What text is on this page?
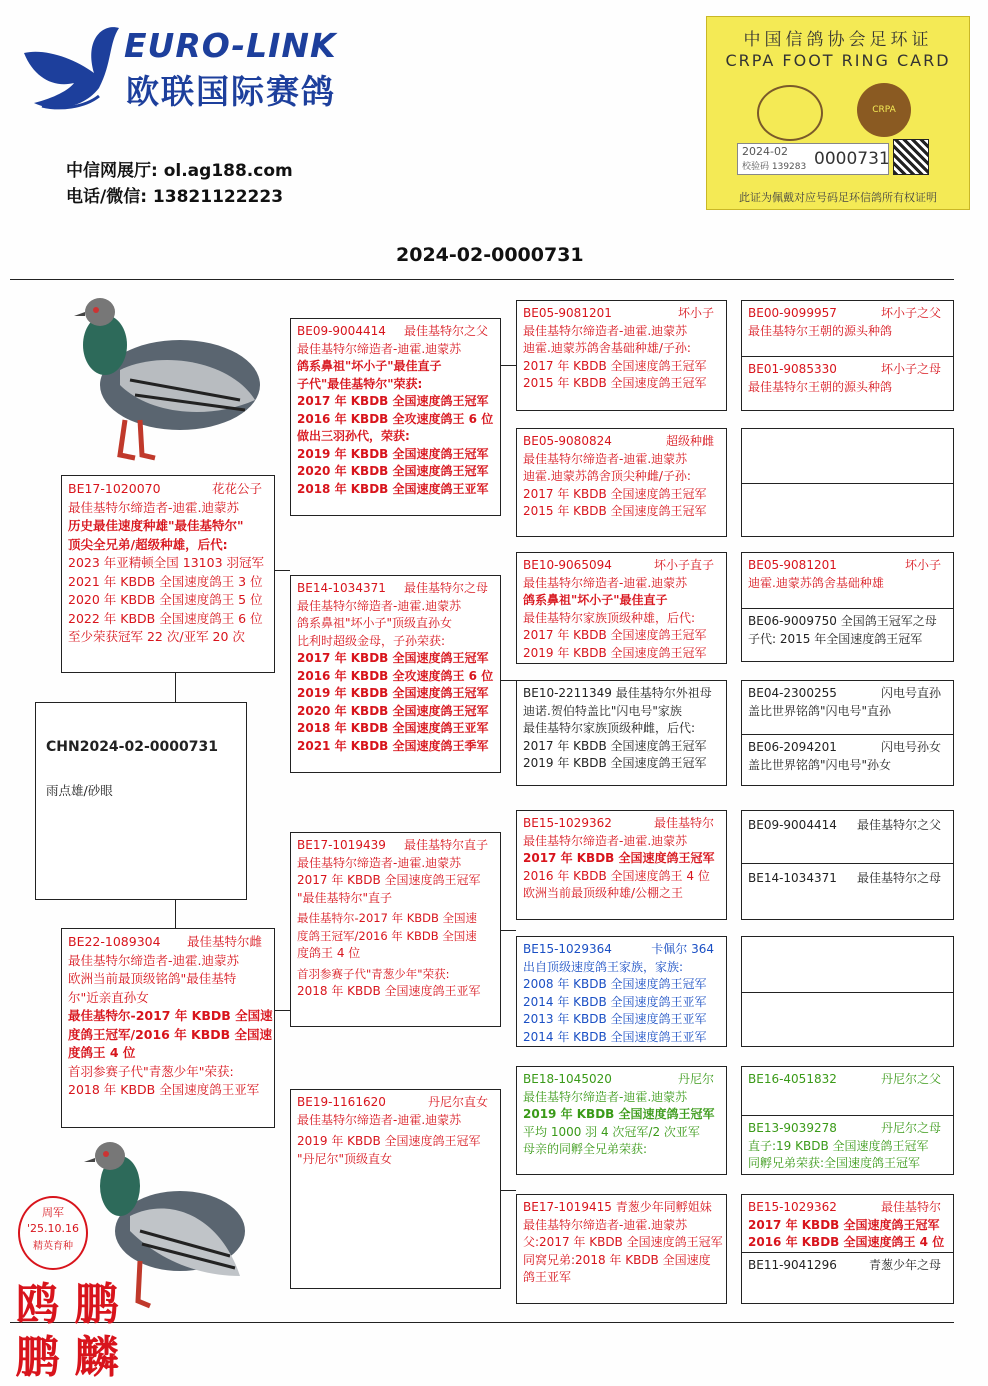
EURO-LINK
欧联国际赛鸽
中信网展厅: ol.ag188.com
电话/微信: 13821122223
中国信鸽协会足环证
CRPA FOOT RING CARD
CRPA
2024-02
校验码 139283 0000731
此证为佩戴对应号码足环信鸽所有权证明
2024-02-0000731
周军
'25.10.16
精英育种
鸥 鹏
鹏 麟
CHN2024-02-0000731
雨点雄/砂眼
BE17-1020070	花花公子
最佳基特尔缔造者-迪霍.迪蒙苏
历史最佳速度种雄"最佳基特尔"
顶尖全兄弟/超级种雄，后代:
2023 年亚精顿全国 13103 羽冠军
2021 年 KBDB 全国速度鸽王 3 位
2020 年 KBDB 全国速度鸽王 5 位
2022 年 KBDB 全国速度鸽王 6 位
至少荣获冠军 22 次/亚军 20 次
BE22-1089304 最佳基特尔雌
最佳基特尔缔造者-迪霍.迪蒙苏
欧洲当前最顶级铭鸽"最佳基特
尔"近亲直孙女
最佳基特尔-2017 年 KBDB 全国速
度鸽王冠军/2016 年 KBDB 全国速
度鸽王 4 位
首羽参赛子代"青葱少年"荣获:
2018 年 KBDB 全国速度鸽王亚军
BE09-9004414 最佳基特尔之父
最佳基特尔缔造者-迪霍.迪蒙苏
鸽系鼻祖"坏小子"最佳直子
子代"最佳基特尔"荣获:
2017 年 KBDB 全国速度鸽王冠军
2016 年 KBDB 全攻速度鸽王 6 位
做出三羽孙代，荣获:
2019 年 KBDB 全国速度鸽王冠军
2020 年 KBDB 全国速度鸽王冠军
2018 年 KBDB 全国速度鸽王亚军
BE14-1034371 最佳基特尔之母
最佳基特尔缔造者-迪霍.迪蒙苏
鸽系鼻祖"坏小子"顶级直孙女
比利时超级金母，子孙荣获:
2017 年 KBDB 全国速度鸽王冠军
2016 年 KBDB 全攻速度鸽王 6 位
2019 年 KBDB 全国速度鸽王冠军
2020 年 KBDB 全国速度鸽王冠军
2018 年 KBDB 全国速度鸽王亚军
2021 年 KBDB 全国速度鸽王季军
BE17-1019439 最佳基特尔直子
最佳基特尔缔造者-迪霍.迪蒙苏
2017 年 KBDB 全国速度鸽王冠军
"最佳基特尔"直子
最佳基特尔-2017 年 KBDB 全国速
度鸽王冠军/2016 年 KBDB 全国速
度鸽王 4 位
首羽参赛子代"青葱少年"荣获:
2018 年 KBDB 全国速度鸽王亚军
BE19-1161620	丹尼尔直女
最佳基特尔缔造者-迪霍.迪蒙苏
2019 年 KBDB 全国速度鸽王冠军
"丹尼尔"顶级直女
BE05-9081201	坏小子
最佳基特尔缔造者-迪霍.迪蒙苏
迪霍.迪蒙苏鸽舍基础种雄/子孙:
2017 年 KBDB 全国速度鸽王冠军
2015 年 KBDB 全国速度鸽王冠军
BE05-9080824	超级种雌
最佳基特尔缔造者-迪霍.迪蒙苏
迪霍.迪蒙苏鸽舍顶尖种雌/子孙:
2017 年 KBDB 全国速度鸽王冠军
2015 年 KBDB 全国速度鸽王冠军
BE10-9065094	坏小子直子
最佳基特尔缔造者-迪霍.迪蒙苏
鸽系鼻祖"坏小子"最佳直子
最佳基特尔家族顶级种雄，后代:
2017 年 KBDB 全国速度鸽王冠军
2019 年 KBDB 全国速度鸽王冠军
BE10-2211349 最佳基特尔外祖母
迪诺.贺伯特盖比"闪电号"家族
最佳基特尔家族顶级种雌，后代:
2017 年 KBDB 全国速度鸽王冠军
2019 年 KBDB 全国速度鸽王冠军
BE15-1029362	最佳基特尔
最佳基特尔缔造者-迪霍.迪蒙苏
2017 年 KBDB 全国速度鸽王冠军
2016 年 KBDB 全国速度鸽王 4 位
欧洲当前最顶级种雄/公棚之王
BE15-1029364	卡佩尔 364
出自顶级速度鸽王家族，家族:
2008 年 KBDB 全国速度鸽王冠军
2014 年 KBDB 全国速度鸽王亚军
2013 年 KBDB 全国速度鸽王亚军
2014 年 KBDB 全国速度鸽王亚军
BE18-1045020	丹尼尔
最佳基特尔缔造者-迪霍.迪蒙苏
2019 年 KBDB 全国速度鸽王冠军
平均 1000 羽 4 次冠军/2 次亚军
母亲的同孵全兄弟荣获:
BE17-1019415 青葱少年同孵姐妹
最佳基特尔缔造者-迪霍.迪蒙苏
父:2017 年 KBDB 全国速度鸽王冠军
同窝兄弟:2018 年 KBDB 全国速度
鸽王亚军
BE00-9099957	坏小子之父
最佳基特尔王朝的源头种鸽
BE01-9085330	坏小子之母
最佳基特尔王朝的源头种鸽
BE05-9081201	坏小子
迪霍.迪蒙苏鸽舍基础种雄
BE06-9009750 全国鸽王冠军之母
子代: 2015 年全国速度鸽王冠军
BE04-2300255	闪电号直孙
盖比世界铭鸽"闪电号"直孙
BE06-2094201	闪电号孙女
盖比世界铭鸽"闪电号"孙女
BE09-9004414 最佳基特尔之父
BE14-1034371 最佳基特尔之母
BE16-4051832	丹尼尔之父
BE13-9039278	丹尼尔之母
直子:19 KBDB 全国速度鸽王冠军
同孵兄弟荣获:全国速度鸽王冠军
BE15-1029362	最佳基特尔
2017 年 KBDB 全国速度鸽王冠军
2016 年 KBDB 全国速度鸽王 4 位
BE11-9041296	青葱少年之母
